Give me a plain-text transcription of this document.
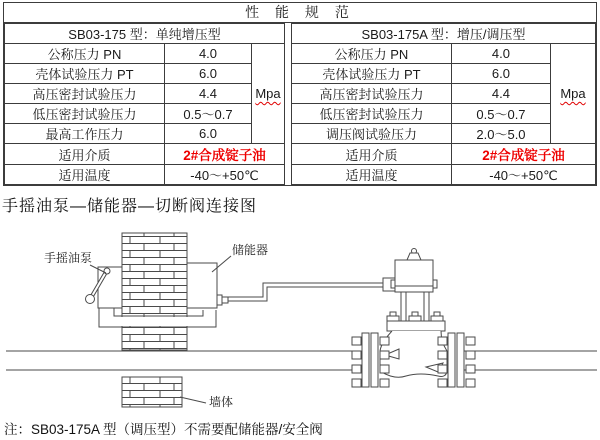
性 能 规 范
SB03-175 型：单纯增压型		
公称压力 PN	4.0	Mpa
壳体试验压力 PT	6.0	
高压密封试验压力	4.4	
低压密封试验压力	0.5～0.7	
最高工作压力	6.0	
适用介质	2#合成锭子油	
适用温度	-40～+50℃	
SB03-175A 型：增压/调压型		
公称压力 PN	4.0	Mpa
壳体试验压力 PT	6.0	
高压密封试验压力	4.4	
低压密封试验压力	0.5～0.7	
调压阀试验压力	2.0～5.0	
适用介质	2#合成锭子油	
适用温度	-40～+50℃	
手摇油泵—储能器—切断阀连接图
手摇油泵
储能器
墙体
注：SB03-175A 型（调压型）不需要配储能器/安全阀
